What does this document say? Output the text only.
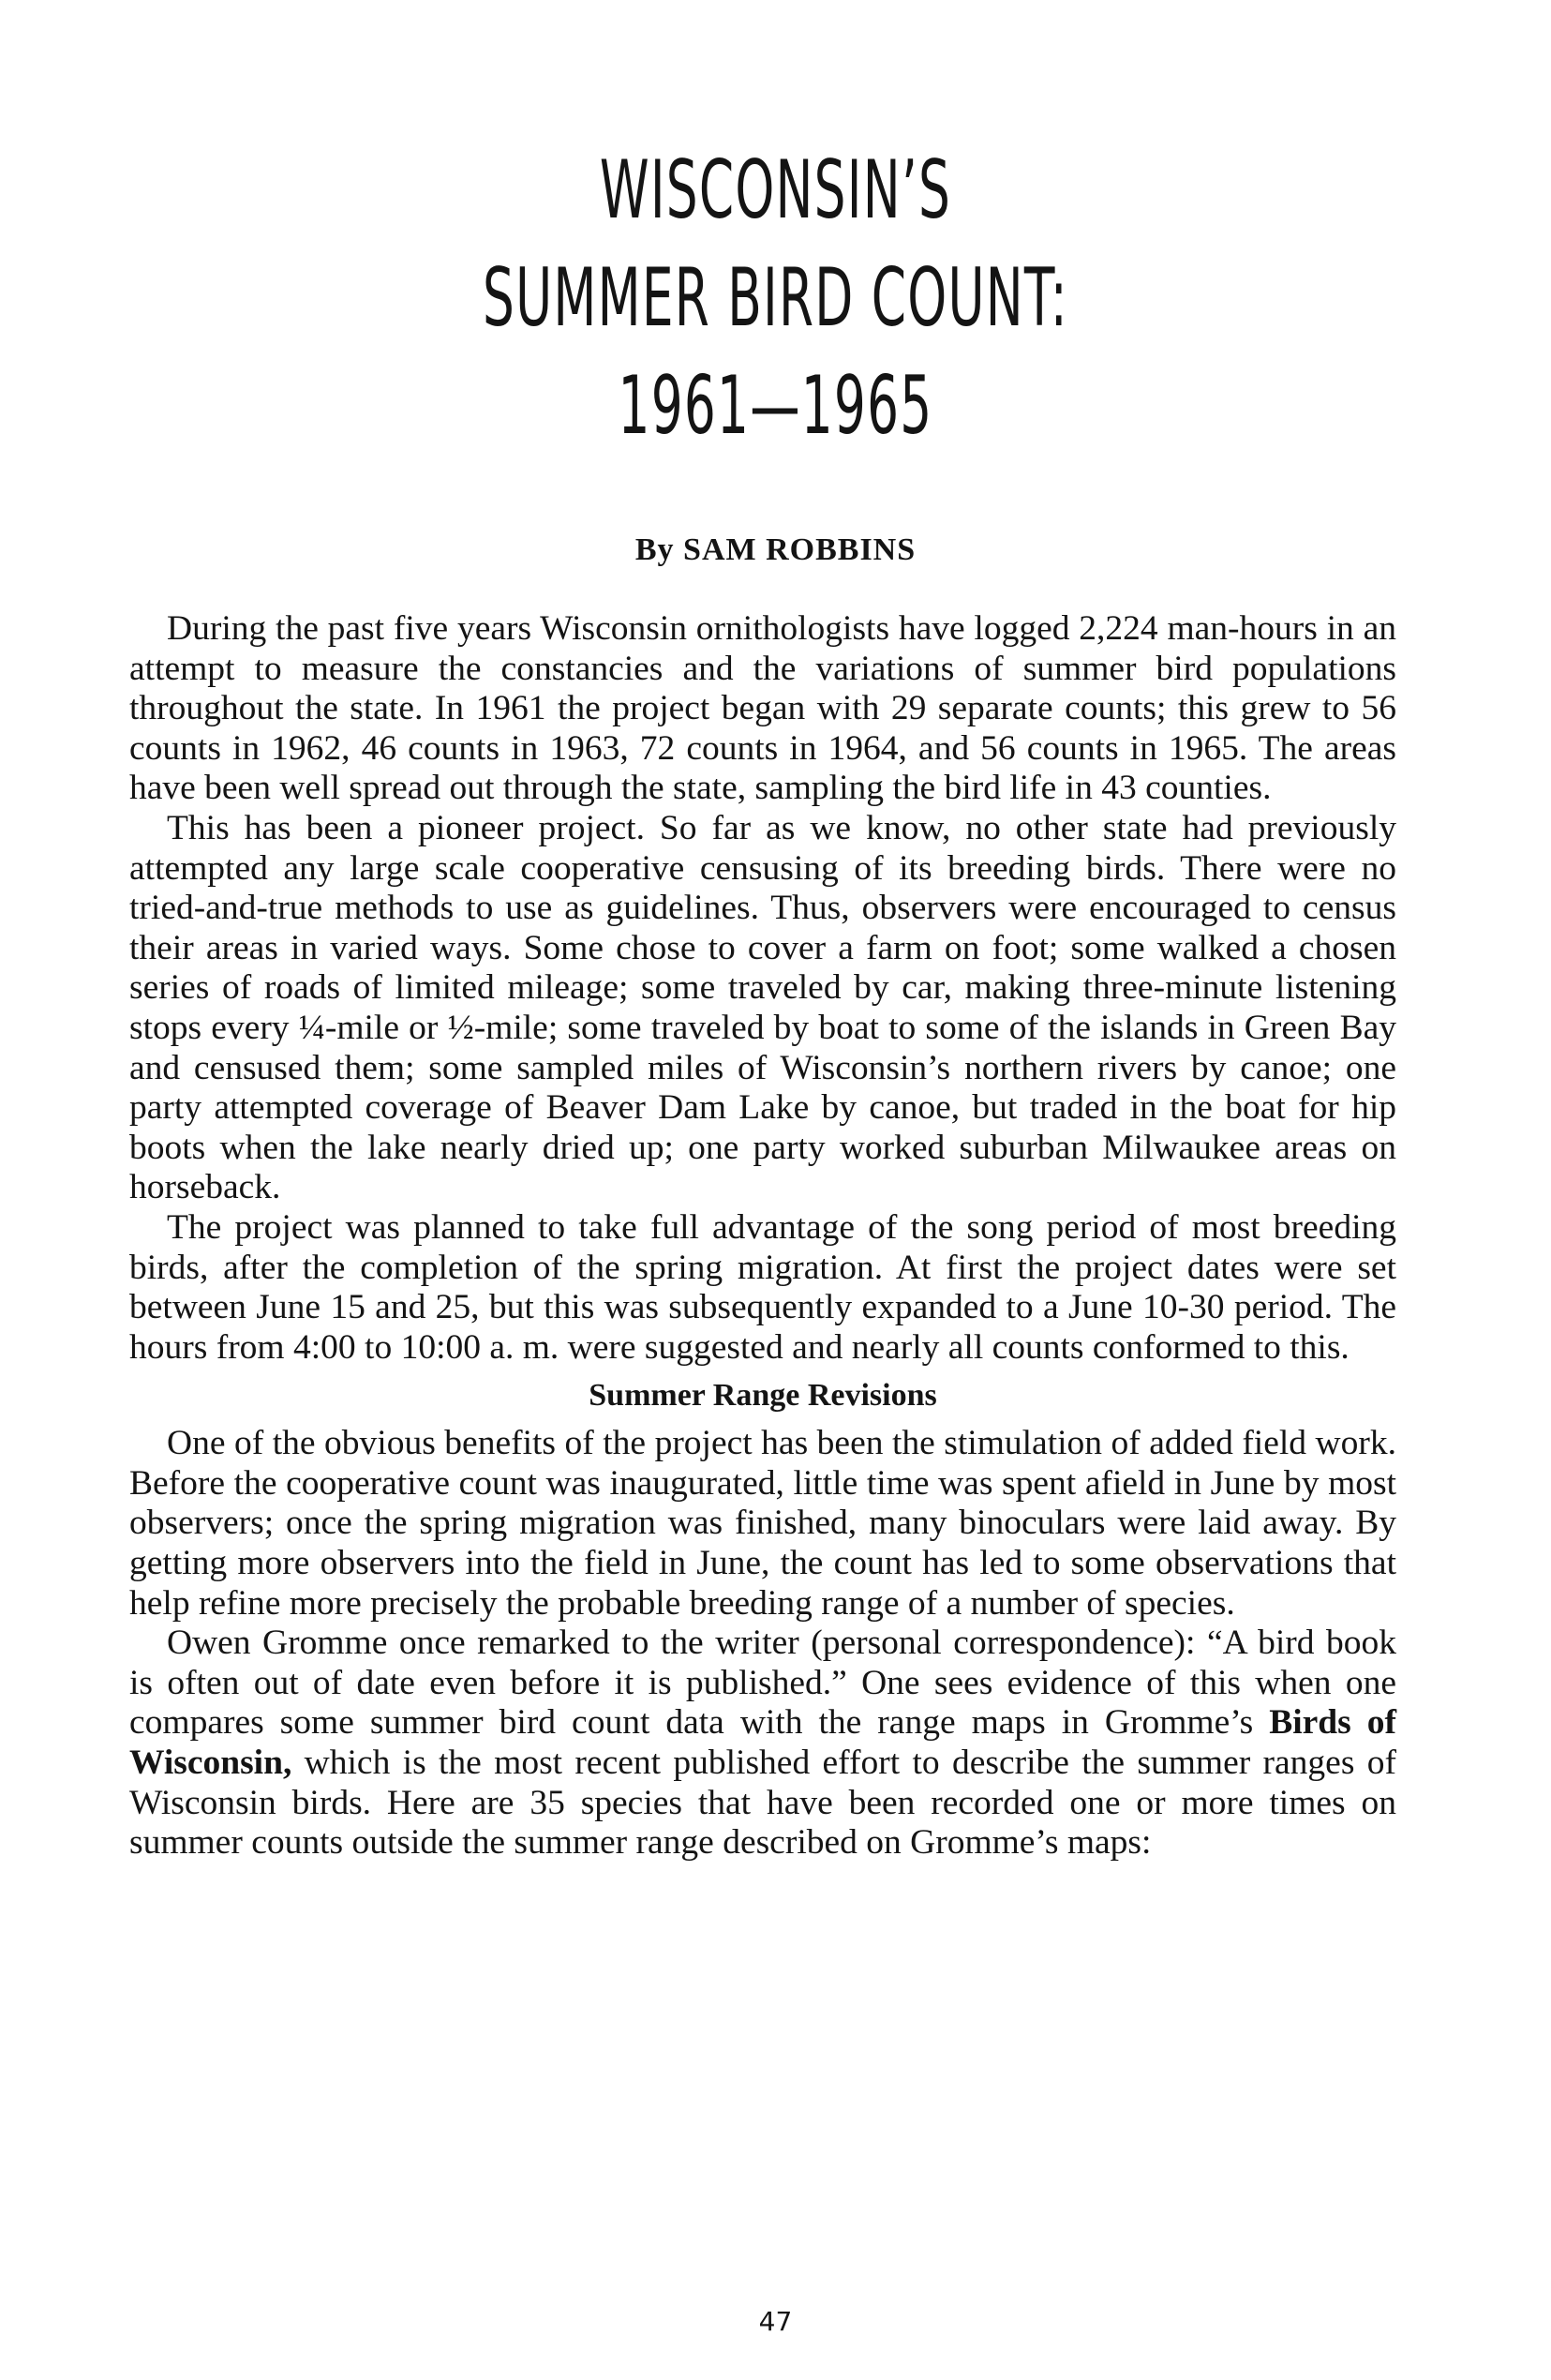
WISCONSIN’S
SUMMER BIRD COUNT:
1961—1965
By SAM ROBBINS

During the past five years Wisconsin ornithologists have logged 2,224 man-hours in an attempt to measure the constancies and the variations of summer bird populations throughout the state. In 1961 the project began with 29 separate counts; this grew to 56 counts in 1962, 46 counts in 1963, 72 counts in 1964, and 56 counts in 1965. The areas have been well spread out through the state, sampling the bird life in 43 counties.

This has been a pioneer project. So far as we know, no other state had previously attempted any large scale cooperative censusing of its breeding birds. There were no tried-and-true methods to use as guidelines. Thus, observers were encouraged to census their areas in varied ways. Some chose to cover a farm on foot; some walked a chosen series of roads of limited mileage; some traveled by car, making three-minute listening stops every ¼-mile or ½-mile; some traveled by boat to some of the islands in Green Bay and censused them; some sampled miles of Wisconsin’s northern rivers by canoe; one party attempted coverage of Beaver Dam Lake by canoe, but traded in the boat for hip boots when the lake nearly dried up; one party worked suburban Milwaukee areas on horseback.

The project was planned to take full advantage of the song period of most breeding birds, after the completion of the spring migration. At first the project dates were set between June 15 and 25, but this was subsequently expanded to a June 10-30 period. The hours from 4:00 to 10:00 a. m. were suggested and nearly all counts conformed to this.

Summer Range Revisions

One of the obvious benefits of the project has been the stimulation of added field work. Before the cooperative count was inaugurated, little time was spent afield in June by most observers; once the spring migration was finished, many binoculars were laid away. By getting more observers into the field in June, the count has led to some observations that help refine more precisely the probable breeding range of a number of species.

Owen Gromme once remarked to the writer (personal correspondence): “A bird book is often out of date even before it is published.” One sees evidence of this when one compares some summer bird count data with the range maps in Gromme’s Birds of Wisconsin, which is the most recent published effort to describe the summer ranges of Wisconsin birds. Here are 35 species that have been recorded one or more times on summer counts outside the summer range described on Gromme’s maps:

47
